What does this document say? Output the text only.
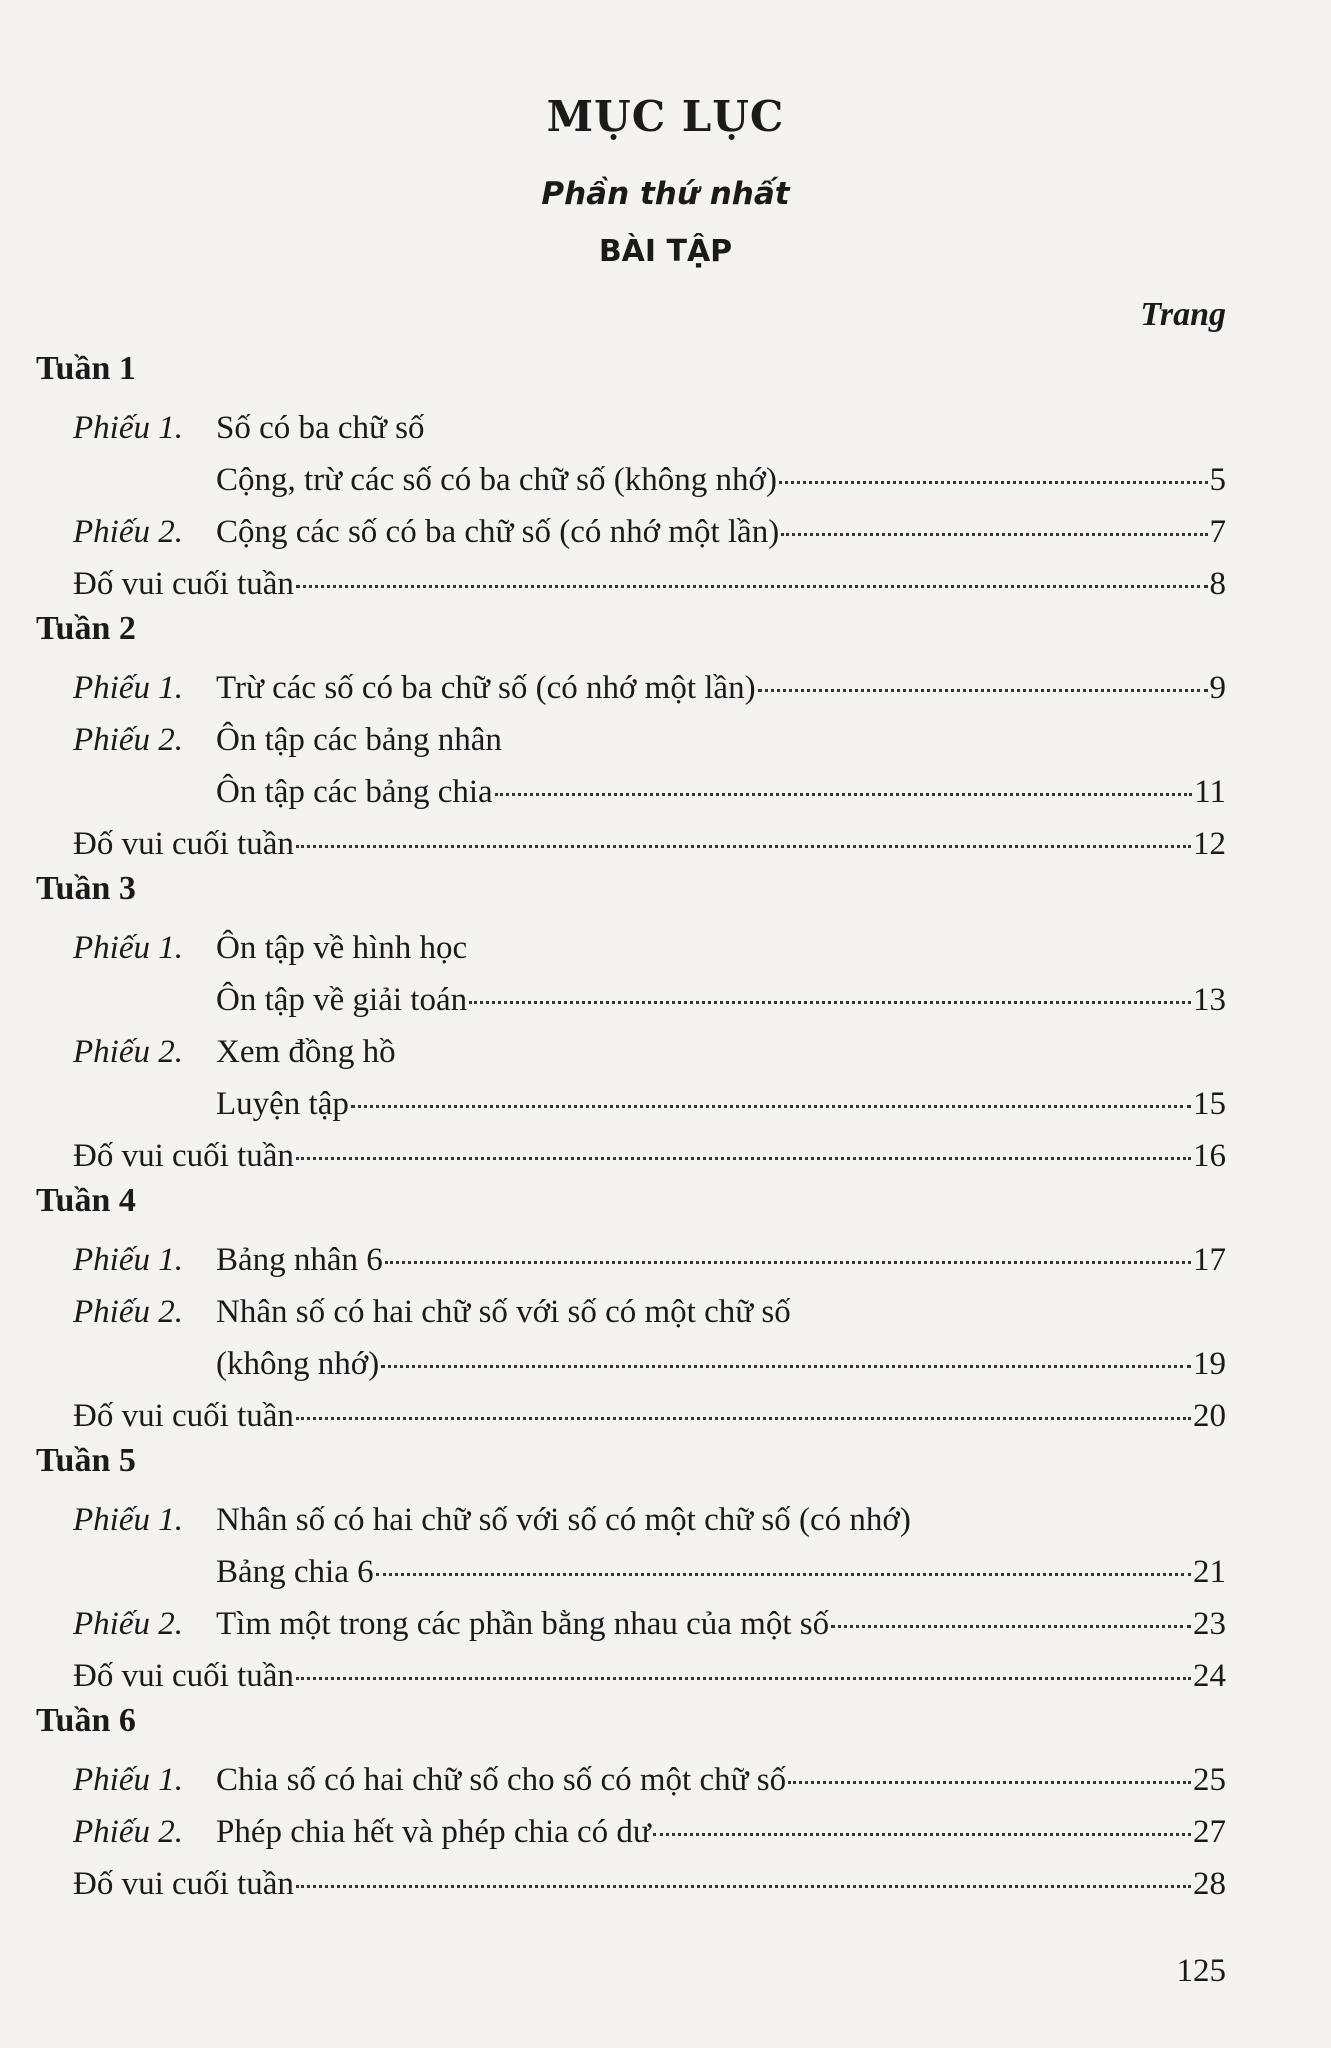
MỤC LỤC
Phần thứ nhất
BÀI TẬP
Trang
Tuần 1
Phiếu 1. Số có ba chữ số
Cộng, trừ các số có ba chữ số (không nhớ)	5
Phiếu 2. Cộng các số có ba chữ số (có nhớ một lần)	7
Đố vui cuối tuần	8
Tuần 2
Phiếu 1. Trừ các số có ba chữ số (có nhớ một lần)	9
Phiếu 2. Ôn tập các bảng nhân
Ôn tập các bảng chia	11
Đố vui cuối tuần	12
Tuần 3
Phiếu 1. Ôn tập về hình học
Ôn tập về giải toán	13
Phiếu 2. Xem đồng hồ
Luyện tập	15
Đố vui cuối tuần	16
Tuần 4
Phiếu 1. Bảng nhân 6	17
Phiếu 2. Nhân số có hai chữ số với số có một chữ số
(không nhớ)	19
Đố vui cuối tuần	20
Tuần 5
Phiếu 1. Nhân số có hai chữ số với số có một chữ số (có nhớ)
Bảng chia 6	21
Phiếu 2. Tìm một trong các phần bằng nhau của một số	23
Đố vui cuối tuần	24
Tuần 6
Phiếu 1. Chia số có hai chữ số cho số có một chữ số	25
Phiếu 2. Phép chia hết và phép chia có dư	27
Đố vui cuối tuần	28
125
